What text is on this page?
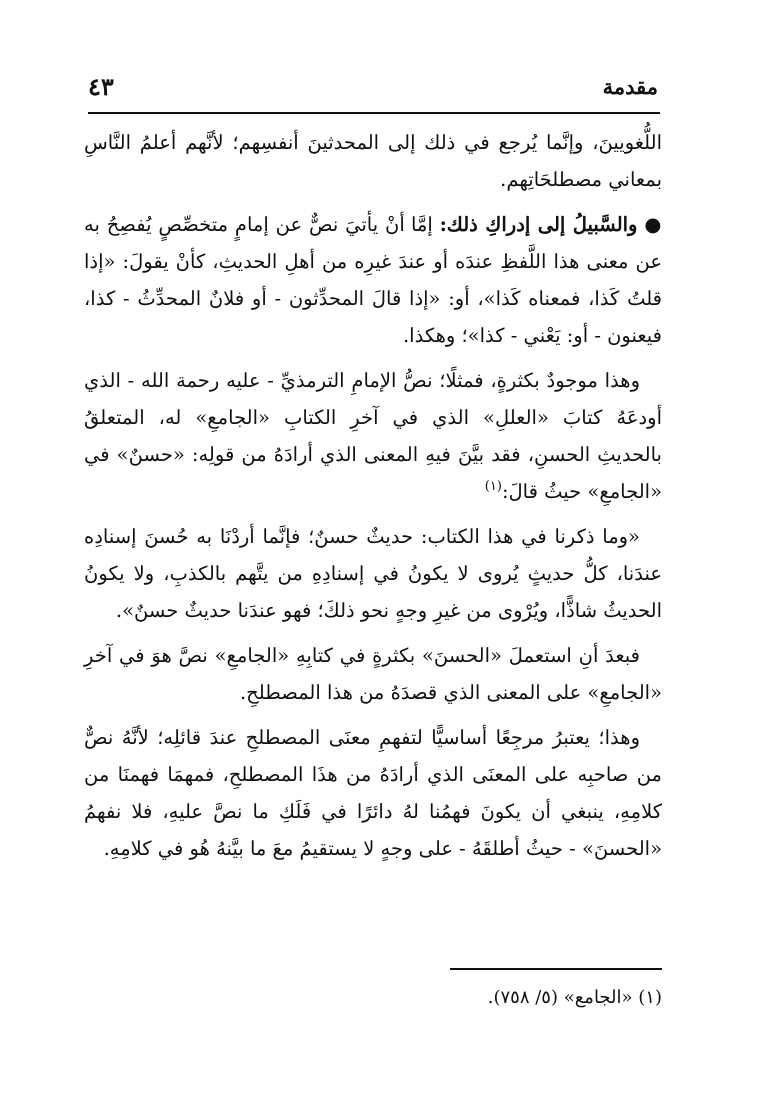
مقدمة
٤٣

اللُّغويينَ، وإنَّما يُرجع في ذلك إلى المحدثينَ أنفسِهم؛ لأنَّهم أعلمُ النَّاسِ بمعاني مصطلحَاتِهم.

● والسَّبيلُ إلى إدراكِ ذلك: إمَّا أنْ يأتيَ نصٌّ عن إمامٍ متخصِّصٍ يُفصِحُ به عن معنى هذا اللَّفظِ عندَه أو عندَ غيرِه من أهلِ الحديثِ، كأنْ يقولَ: «إذا قلتُ كَذا، فمعناه كَذا»، أو: «إذا قالَ المحدِّثون - أو فلانٌ المحدِّثُ - كذا، فيعنون - أو: يَعْني - كذا»؛ وهكذا.

وهذا موجودٌ بكثرةٍ، فمثلًا؛ نصُّ الإمامِ الترمذيِّ - عليه رحمة الله - الذي أودعَهُ كتابَ «العللِ» الذي في آخرِ الكتابِ «الجامعِ» له، المتعلقُ بالحديثِ الحسنِ، فقد بيَّنَ فيهِ المعنى الذي أرادَهُ من قولِه: «حسنٌ» في «الجامعِ» حيثُ قالَ:$^{(١)}$

«وما ذكرنا في هذا الكتاب: حديثٌ حسنٌ؛ فإنَّما أردْنَا به حُسنَ إسنادِه عندَنا، كلُّ حديثٍ يُروى لا يكونُ في إسنادِهِ من يتَّهم بالكذبِ، ولا يكونُ الحديثُ شاذًّا، ويُرْوى من غيرِ وجهٍ نحو ذلكَ؛ فهو عندَنا حديثٌ حسنٌ».

فبعدَ أنِ استعملَ «الحسنَ» بكثرةٍ في كتابِهِ «الجامعِ» نصَّ هوَ في آخرِ «الجامعِ» على المعنى الذي قصدَهُ من هذا المصطلحِ.

وهذا؛ يعتبرُ مرجِعًا أساسيًّا لتفهمِ معنَى المصطلحِ عندَ قائلِه؛ لأنَّهُ نصٌّ من صاحبِه على المعنَى الذي أرادَهُ من هذَا المصطلحِ، فمهمَا فهمنَا من كلامِهِ، ينبغي أن يكونَ فهمُنا لهُ دائرًا في فَلَكِ ما نصَّ عليهِ، فلا نفهمُ «الحسنَ» - حيثُ أطلقَهُ - على وجهٍ لا يستقيمُ معَ ما بيَّنهُ هُو في كلامِهِ.

(١) «الجامع» (٥/ ٧٥٨).
